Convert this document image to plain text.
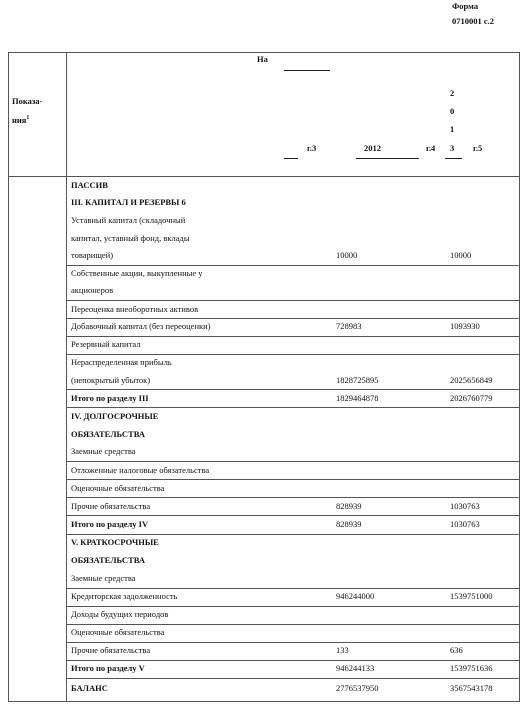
Форма
0710001 с.2
Показа-
ния$^1$
На
г.3	2012	г.4
2
0
1
3 г.5
ПАССИВ
III. КАПИТАЛ И РЕЗЕРВЫ 6
Уставный капитал (складочный
капитал, уставный фонд, вклады
товарищей)	10000	10000
Собственные акции, выкупленные у
акционеров
Переоценка внеоборотных активов
Добавочный капитал (без переоценки)	728983	1093930
Резервный капитал
Нераспределенная прибыль
(непокрытый убыток)	1828725895	2025656849
Итого по разделу III	1829464878	2026760779
IV. ДОЛГОСРОЧНЫЕ
ОБЯЗАТЕЛЬСТВА
Заемные средства
Отложенные налоговые обязательства
Оценочные обязательства
Прочие обязательства	828939	1030763
Итого по разделу IV	828939	1030763
V. КРАТКОСРОЧНЫЕ
ОБЯЗАТЕЛЬСТВА
Заемные средства
Кредиторская задолженность	946244000	1539751000
Доходы будущих периодов
Оценочные обязательства
Прочие обязательства	133	636
Итого по разделу V	946244133	1539751636
БАЛАНС	2776537950	3567543178
